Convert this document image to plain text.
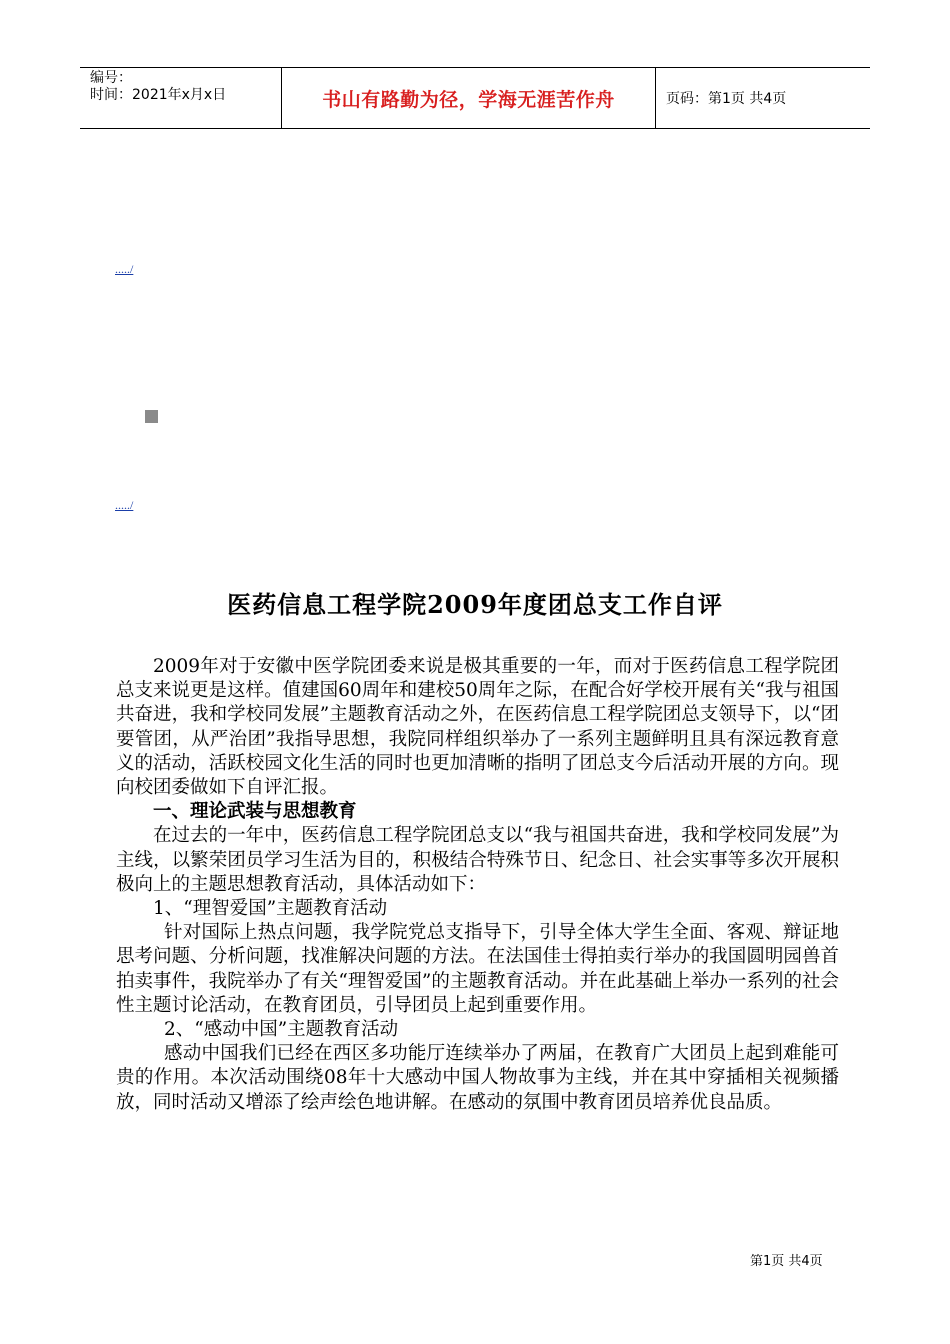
编号：
时间：2021年x月x日	书山有路勤为径，学海无涯苦作舟	页码：第1页 共4页
...../
...../
医药信息工程学院2009年度团总支工作自评

2009年对于安徽中医学院团委来说是极其重要的一年，而对于医药信息工程学院团总支来说更是这样。值建国60周年和建校50周年之际，在配合好学校开展有关“我与祖国共奋进，我和学校同发展”主题教育活动之外，在医药信息工程学院团总支领导下，以“团要管团，从严治团”我指导思想，我院同样组织举办了一系列主题鲜明且具有深远教育意义的活动，活跃校园文化生活的同时也更加清晰的指明了团总支今后活动开展的方向。现向校团委做如下自评汇报。

一、理论武装与思想教育

在过去的一年中，医药信息工程学院团总支以“我与祖国共奋进，我和学校同发展”为主线，以繁荣团员学习生活为目的，积极结合特殊节日、纪念日、社会实事等多次开展积极向上的主题思想教育活动，具体活动如下：

1、“理智爱国”主题教育活动

针对国际上热点问题，我学院党总支指导下，引导全体大学生全面、客观、辩证地思考问题、分析问题，找准解决问题的方法。在法国佳士得拍卖行举办的我国圆明园兽首拍卖事件，我院举办了有关“理智爱国”的主题教育活动。并在此基础上举办一系列的社会性主题讨论活动，在教育团员，引导团员上起到重要作用。

2、“感动中国”主题教育活动

感动中国我们已经在西区多功能厅连续举办了两届，在教育广大团员上起到难能可贵的作用。本次活动围绕08年十大感动中国人物故事为主线，并在其中穿插相关视频播放，同时活动又增添了绘声绘色地讲解。在感动的氛围中教育团员培养优良品质。

第1页 共4页
